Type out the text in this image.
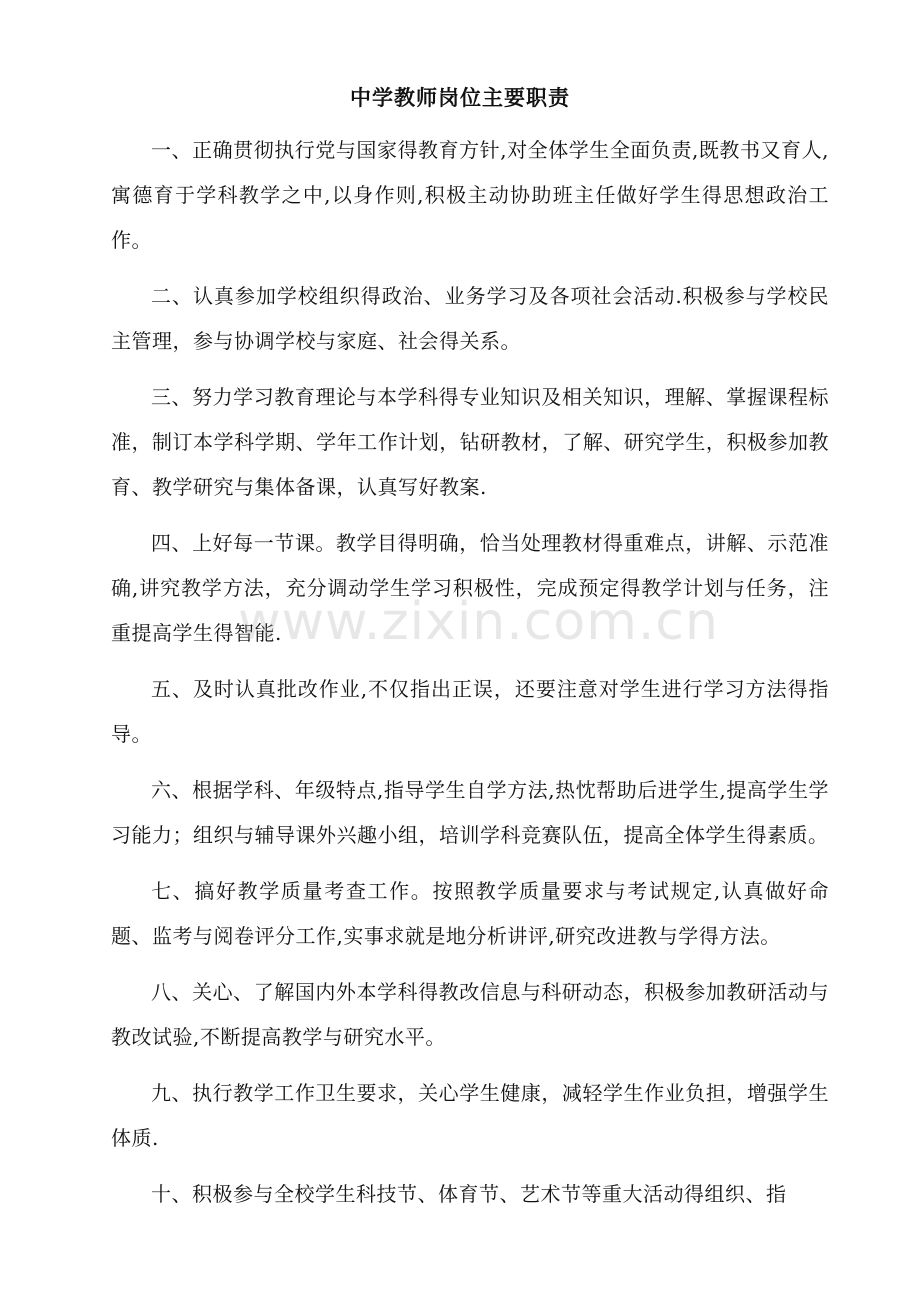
中学教师岗位主要职责

一、正确贯彻执行党与国家得教育方针,对全体学生全面负责,既教书又育人,寓德育于学科教学之中,以身作则,积极主动协助班主任做好学生得思想政治工作。

二、认真参加学校组织得政治、业务学习及各项社会活动.积极参与学校民主管理，参与协调学校与家庭、社会得关系。

三、努力学习教育理论与本学科得专业知识及相关知识，理解、掌握课程标准，制订本学科学期、学年工作计划，钻研教材，了解、研究学生，积极参加教育、教学研究与集体备课，认真写好教案.

四、上好每一节课。教学目得明确，恰当处理教材得重难点，讲解、示范准确,讲究教学方法，充分调动学生学习积极性，完成预定得教学计划与任务，注重提高学生得智能.

五、及时认真批改作业,不仅指出正误，还要注意对学生进行学习方法得指导。

六、根据学科、年级特点,指导学生自学方法,热忱帮助后进学生,提高学生学习能力；组织与辅导课外兴趣小组，培训学科竞赛队伍，提高全体学生得素质。

七、搞好教学质量考查工作。按照教学质量要求与考试规定,认真做好命题、监考与阅卷评分工作,实事求就是地分析讲评,研究改进教与学得方法。

八、关心、了解国内外本学科得教改信息与科研动态，积极参加教研活动与教改试验,不断提高教学与研究水平。

九、执行教学工作卫生要求，关心学生健康，减轻学生作业负担，增强学生体质.

十、积极参与全校学生科技节、体育节、艺术节等重大活动得组织、指

www.zixin.com.cn
